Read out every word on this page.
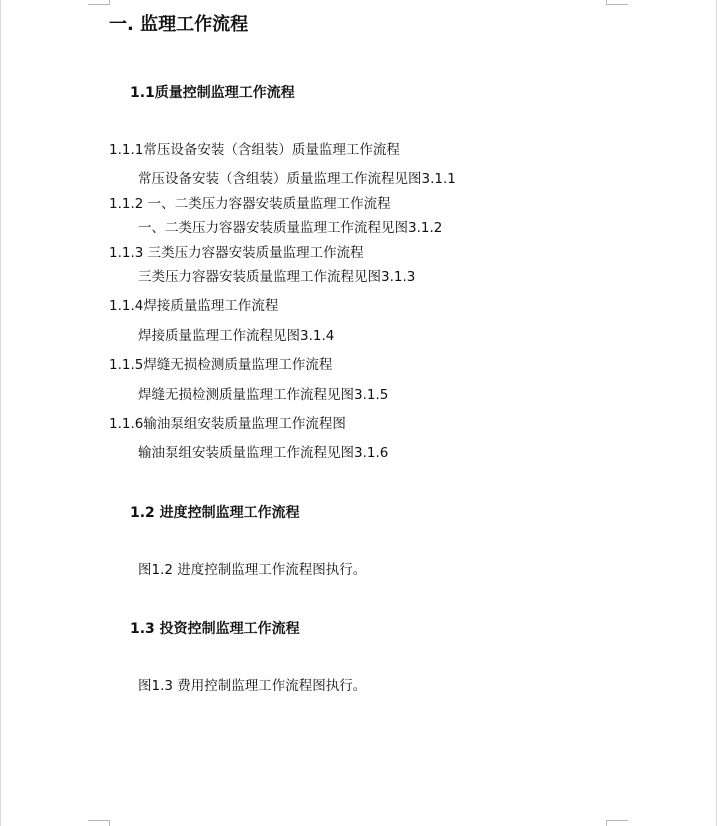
一. 监理工作流程
1.1质量控制监理工作流程
1.1.1常压设备安装（含组装）质量监理工作流程
常压设备安装（含组装）质量监理工作流程见图3.1.1
1.1.2 一、二类压力容器安装质量监理工作流程
一、二类压力容器安装质量监理工作流程见图3.1.2
1.1.3 三类压力容器安装质量监理工作流程
三类压力容器安装质量监理工作流程见图3.1.3
1.1.4焊接质量监理工作流程
焊接质量监理工作流程见图3.1.4
1.1.5焊缝无损检测质量监理工作流程
焊缝无损检测质量监理工作流程见图3.1.5
1.1.6输油泵组安装质量监理工作流程图
输油泵组安装质量监理工作流程见图3.1.6
1.2 进度控制监理工作流程
图1.2 进度控制监理工作流程图执行。
1.3 投资控制监理工作流程
图1.3 费用控制监理工作流程图执行。
